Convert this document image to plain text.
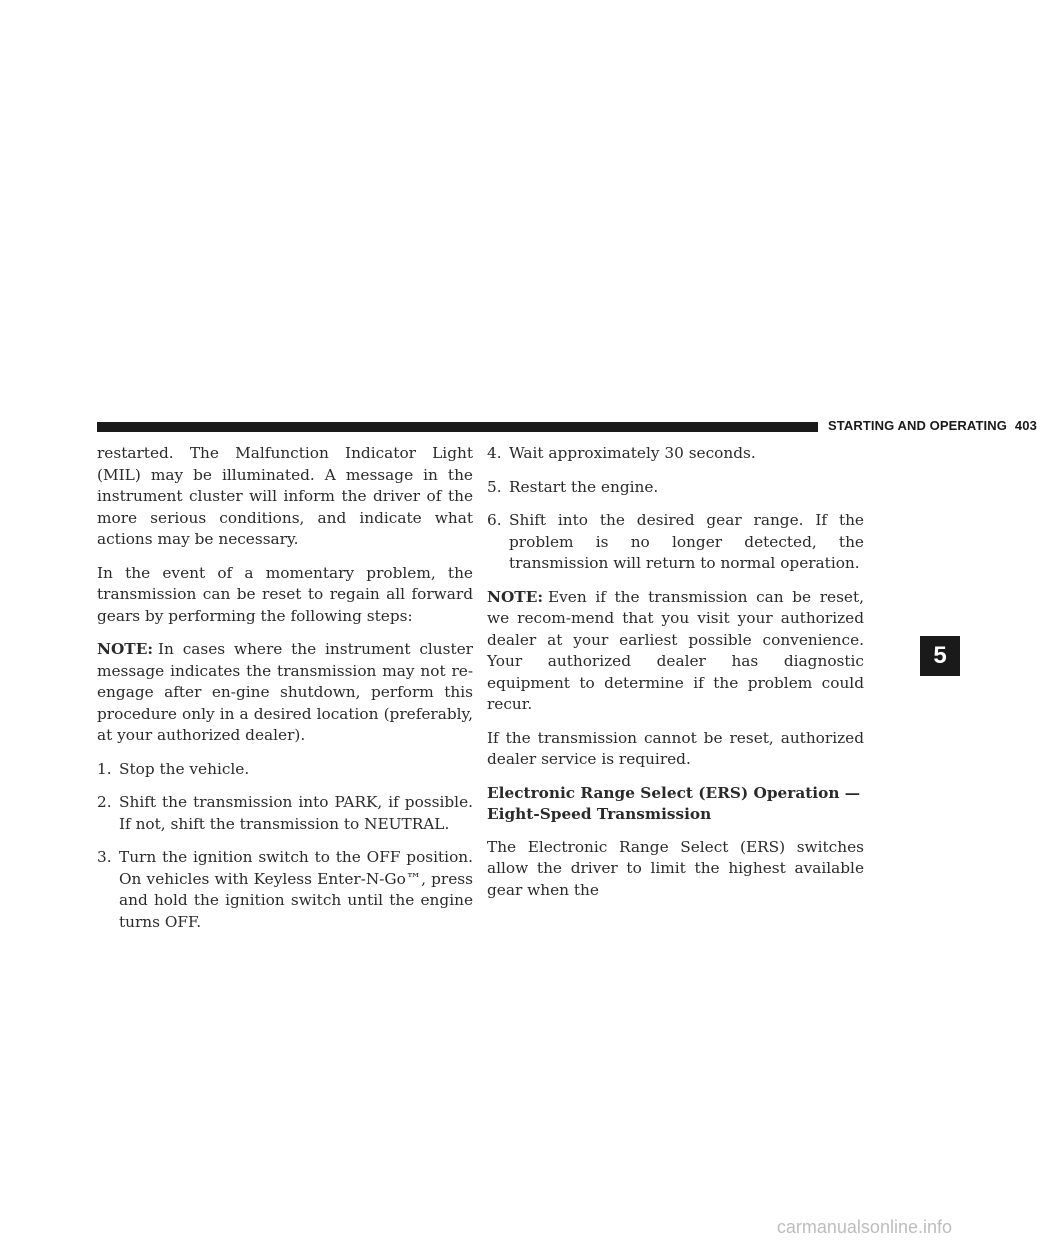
STARTING AND OPERATING 403

restarted. The Malfunction Indicator Light (MIL) may be illuminated. A message in the instrument cluster will inform the driver of the more serious conditions, and indicate what actions may be necessary.

In the event of a momentary problem, the transmission can be reset to regain all forward gears by performing the following steps:

NOTE: In cases where the instrument cluster message indicates the transmission may not re-engage after en-gine shutdown, perform this procedure only in a desired location (preferably, at your authorized dealer).

1. Stop the vehicle.
2. Shift the transmission into PARK, if possible. If not, shift the transmission to NEUTRAL.
3. Turn the ignition switch to the OFF position. On vehicles with Keyless Enter-N-Go™, press and hold the ignition switch until the engine turns OFF.
4. Wait approximately 30 seconds.
5. Restart the engine.
6. Shift into the desired gear range. If the problem is no longer detected, the transmission will return to normal operation.

NOTE: Even if the transmission can be reset, we recom-mend that you visit your authorized dealer at your earliest possible convenience. Your authorized dealer has diagnostic equipment to determine if the problem could recur.

If the transmission cannot be reset, authorized dealer service is required.

Electronic Range Select (ERS) Operation —
Eight-Speed Transmission

The Electronic Range Select (ERS) switches allow the driver to limit the highest available gear when the

5
carmanualsonline.info
